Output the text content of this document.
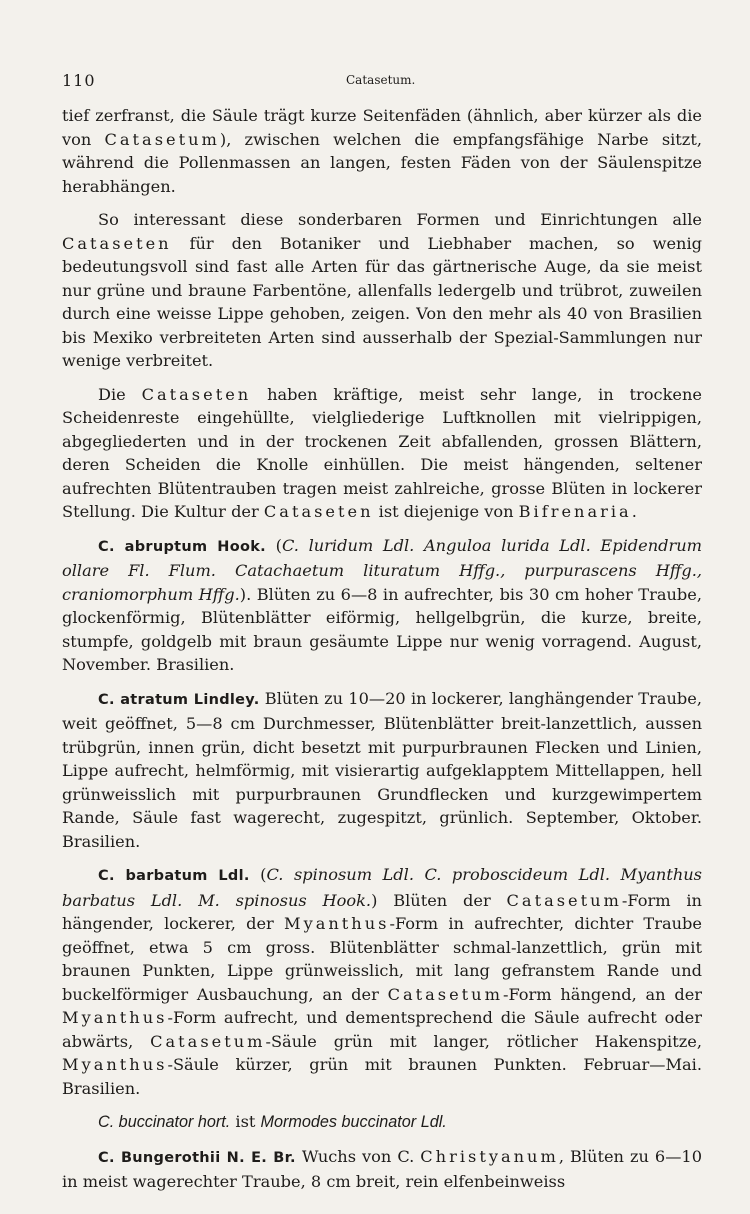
110	Catasetum.

tief zerfranst, die Säule trägt kurze Seitenfäden (ähnlich, aber kürzer als die von Catasetum), zwischen welchen die empfangsfähige Narbe sitzt, während die Pollenmassen an langen, festen Fäden von der Säulenspitze herabhängen.

So interessant diese sonderbaren Formen und Einrichtungen alle Cataseten für den Botaniker und Liebhaber machen, so wenig bedeutungsvoll sind fast alle Arten für das gärtnerische Auge, da sie meist nur grüne und braune Farbentöne, allenfalls ledergelb und trübrot, zuweilen durch eine weisse Lippe gehoben, zeigen. Von den mehr als 40 von Brasilien bis Mexiko verbreiteten Arten sind ausserhalb der Spezial-Sammlungen nur wenige verbreitet.

Die Cataseten haben kräftige, meist sehr lange, in trockene Scheidenreste eingehüllte, vielgliederige Luftknollen mit vielrippigen, abgegliederten und in der trockenen Zeit abfallenden, grossen Blättern, deren Scheiden die Knolle einhüllen. Die meist hängenden, seltener aufrechten Blütentrauben tragen meist zahlreiche, grosse Blüten in lockerer Stellung. Die Kultur der Cataseten ist diejenige von Bifrenaria.

C. abruptum Hook. (C. luridum Ldl. Anguloa lurida Ldl. Epidendrum ollare Fl. Flum. Catachaetum lituratum Hffg., purpurascens Hffg., craniomorphum Hffg.). Blüten zu 6—8 in aufrechter, bis 30 cm hoher Traube, glockenförmig, Blütenblätter eiförmig, hellgelbgrün, die kurze, breite, stumpfe, goldgelb mit braun gesäumte Lippe nur wenig vorragend. August, November. Brasilien.

C. atratum Lindley. Blüten zu 10—20 in lockerer, langhängender Traube, weit geöffnet, 5—8 cm Durchmesser, Blütenblätter breit-lanzettlich, aussen trübgrün, innen grün, dicht besetzt mit purpurbraunen Flecken und Linien, Lippe aufrecht, helmförmig, mit visierartig aufgeklapptem Mittellappen, hell grünweisslich mit purpurbraunen Grundflecken und kurzgewimpertem Rande, Säule fast wagerecht, zugespitzt, grünlich. September, Oktober. Brasilien.

C. barbatum Ldl. (C. spinosum Ldl. C. proboscideum Ldl. Myanthus barbatus Ldl. M. spinosus Hook.) Blüten der Catasetum-Form in hängender, lockerer, der Myanthus-Form in aufrechter, dichter Traube geöffnet, etwa 5 cm gross. Blütenblätter schmal-lanzettlich, grün mit braunen Punkten, Lippe grünweisslich, mit lang gefranstem Rande und buckelförmiger Ausbauchung, an der Catasetum-Form hängend, an der Myanthus-Form aufrecht, und dementsprechend die Säule aufrecht oder abwärts, Catasetum-Säule grün mit langer, rötlicher Hakenspitze, Myanthus-Säule kürzer, grün mit braunen Punkten. Februar—Mai. Brasilien.

C. buccinator hort. ist Mormodes buccinator Ldl.

C. Bungerothii N. E. Br. Wuchs von C. Christyanum, Blüten zu 6—10 in meist wagerechter Traube, 8 cm breit, rein elfenbeinweiss
